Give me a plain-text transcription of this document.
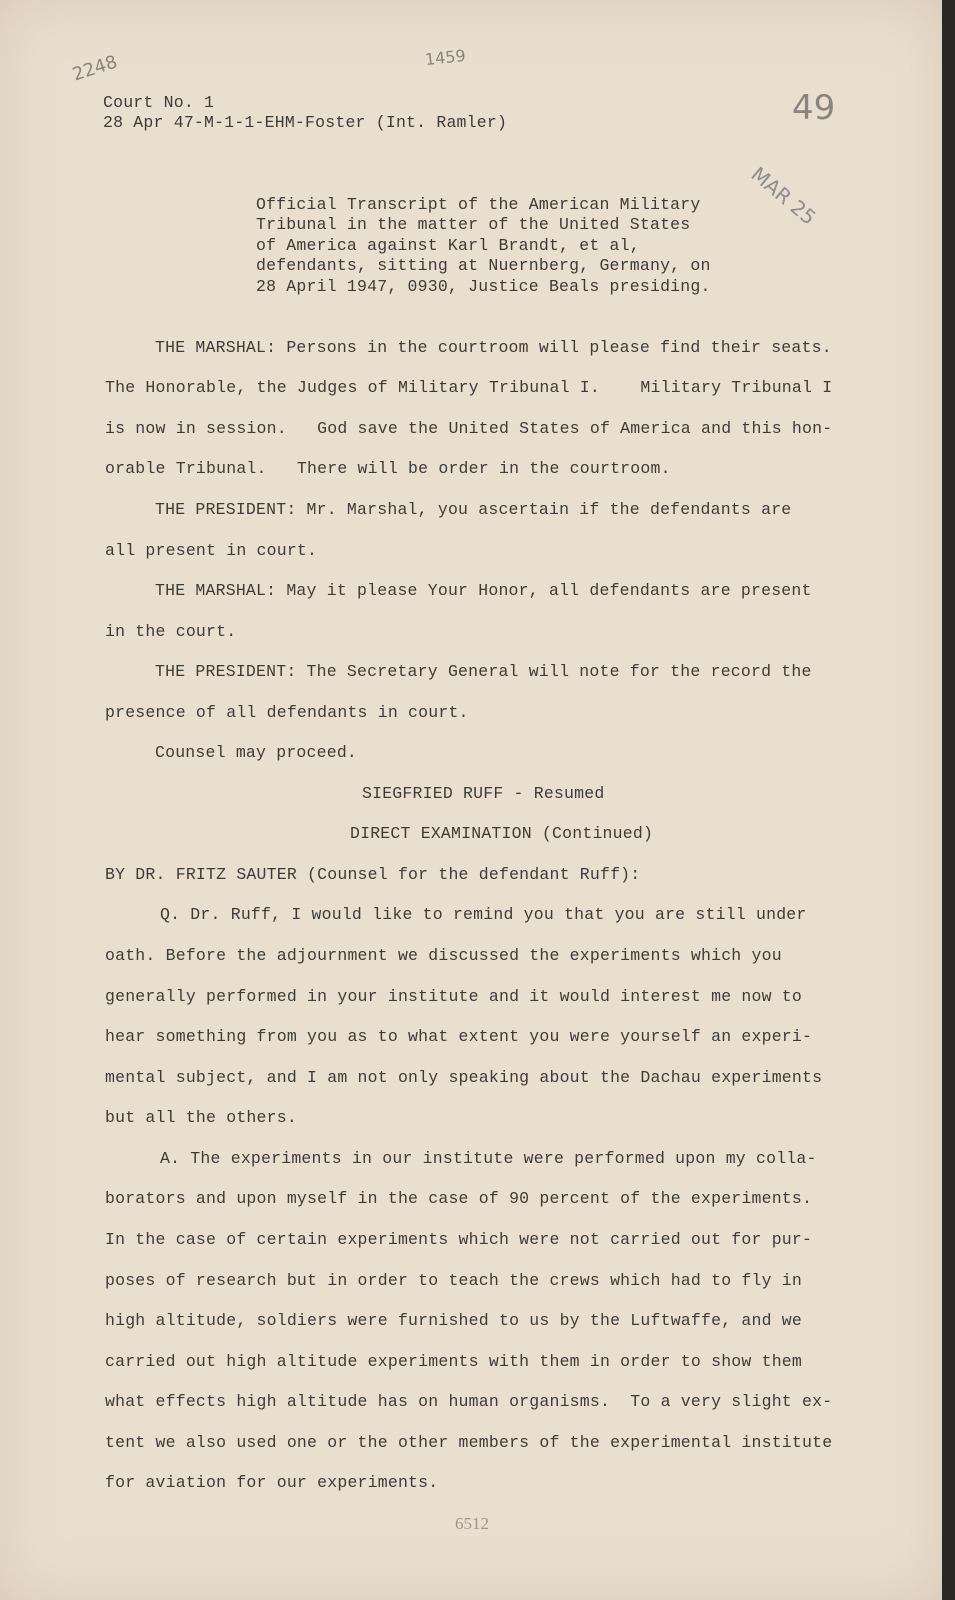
2248	1459
49
MAR 25
Court No. 1
28 Apr 47-M-1-1-EHM-Foster (Int. Ramler)
Official Transcript of the American Military
Tribunal in the matter of the United States
of America against Karl Brandt, et al,
defendants, sitting at Nuernberg, Germany, on
28 April 1947, 0930, Justice Beals presiding.
THE MARSHAL: Persons in the courtroom will please find their seats.
The Honorable, the Judges of Military Tribunal I.    Military Tribunal I
is now in session.   God save the United States of America and this hon-
orable Tribunal.   There will be order in the courtroom.
THE PRESIDENT: Mr. Marshal, you ascertain if the defendants are
all present in court.
THE MARSHAL: May it please Your Honor, all defendants are present
in the court.
THE PRESIDENT: The Secretary General will note for the record the
presence of all defendants in court.
Counsel may proceed.
SIEGFRIED RUFF - Resumed
DIRECT EXAMINATION (Continued)
BY DR. FRITZ SAUTER (Counsel for the defendant Ruff):
Q. Dr. Ruff, I would like to remind you that you are still under
oath. Before the adjournment we discussed the experiments which you
generally performed in your institute and it would interest me now to
hear something from you as to what extent you were yourself an experi-
mental subject, and I am not only speaking about the Dachau experiments
but all the others.
A. The experiments in our institute were performed upon my colla-
borators and upon myself in the case of 90 percent of the experiments.
In the case of certain experiments which were not carried out for pur-
poses of research but in order to teach the crews which had to fly in
high altitude, soldiers were furnished to us by the Luftwaffe, and we
carried out high altitude experiments with them in order to show them
what effects high altitude has on human organisms.  To a very slight ex-
tent we also used one or the other members of the experimental institute
for aviation for our experiments.
6512
